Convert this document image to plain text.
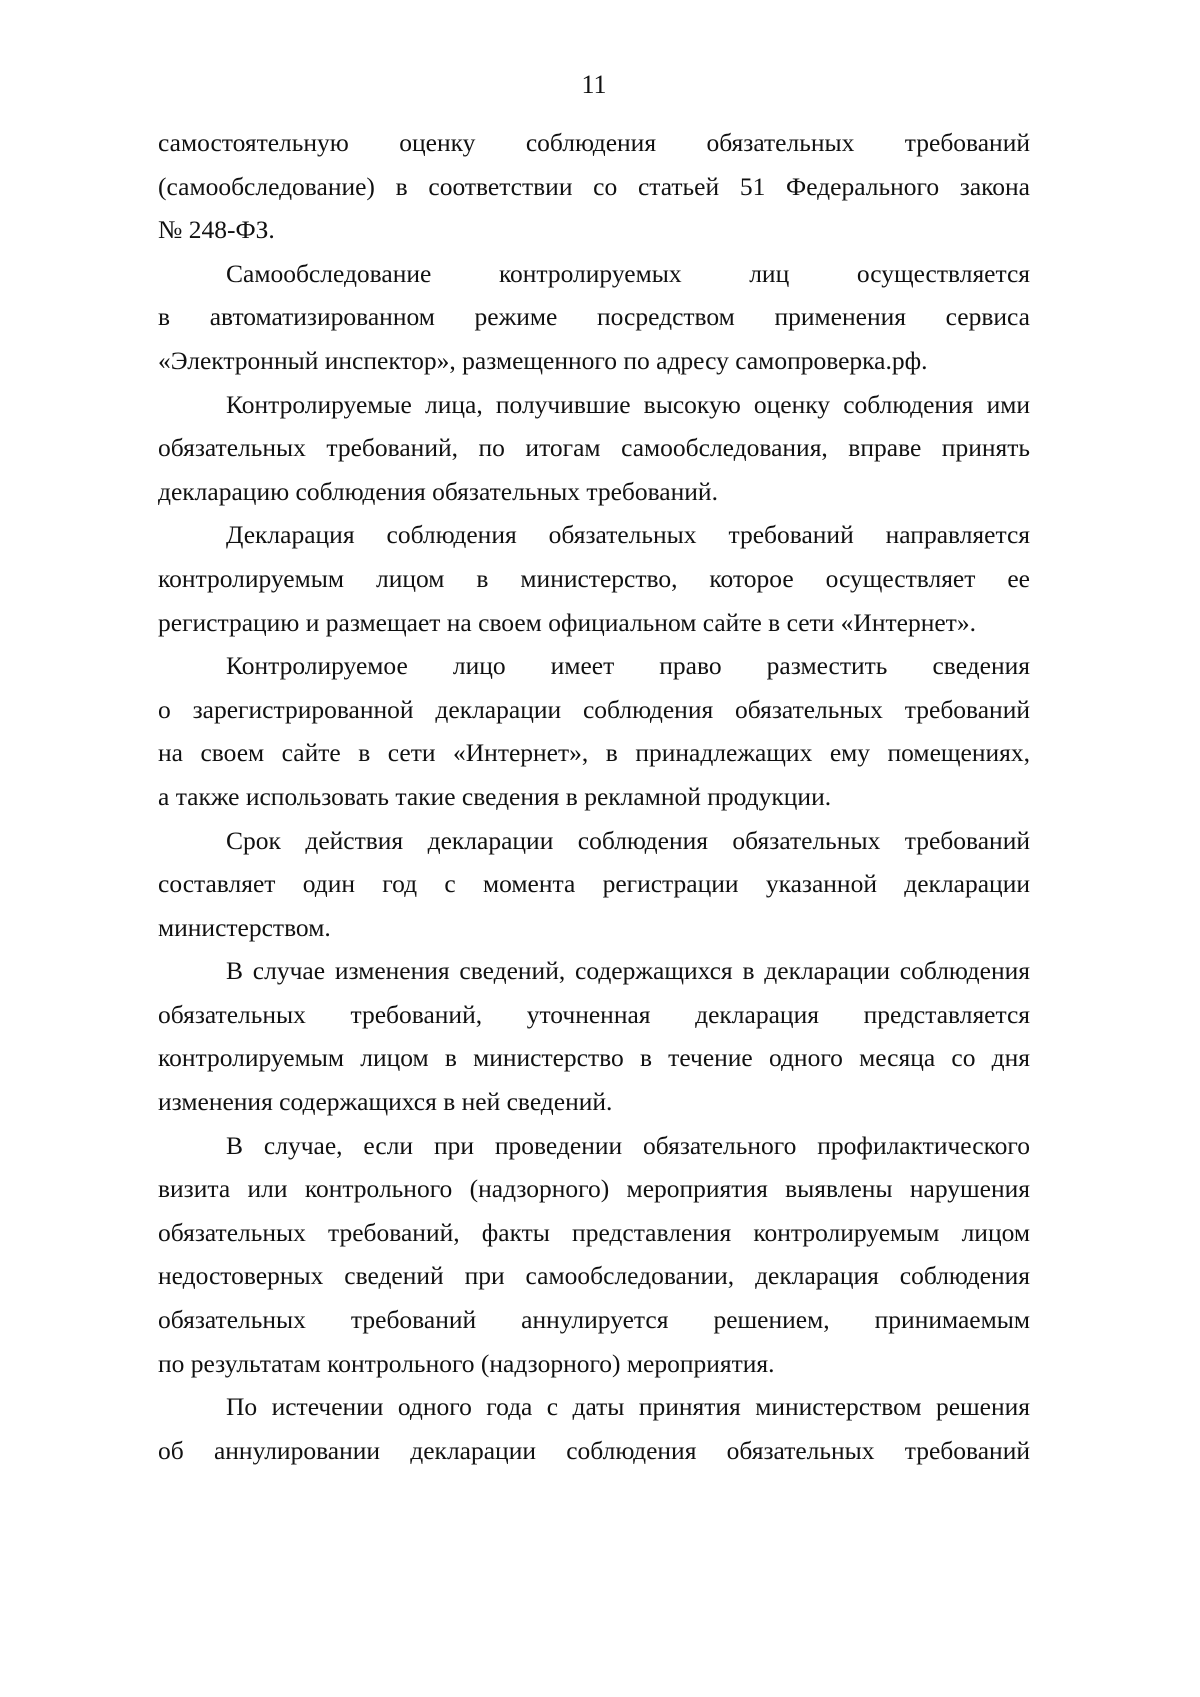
11
самостоятельную оценку соблюдения обязательных требований
(самообследование) в соответствии со статьей 51 Федерального закона
№ 248-ФЗ.
Самообследование контролируемых лиц осуществляется
в автоматизированном режиме посредством применения сервиса
«Электронный инспектор», размещенного по адресу самопроверка.рф.
Контролируемые лица, получившие высокую оценку соблюдения ими
обязательных требований, по итогам самообследования, вправе принять
декларацию соблюдения обязательных требований.
Декларация соблюдения обязательных требований направляется
контролируемым лицом в министерство, которое осуществляет ее
регистрацию и размещает на своем официальном сайте в сети «Интернет».
Контролируемое лицо имеет право разместить сведения
о зарегистрированной декларации соблюдения обязательных требований
на своем сайте в сети «Интернет», в принадлежащих ему помещениях,
а также использовать такие сведения в рекламной продукции.
Срок действия декларации соблюдения обязательных требований
составляет один год с момента регистрации указанной декларации
министерством.
В случае изменения сведений, содержащихся в декларации соблюдения
обязательных требований, уточненная декларация представляется
контролируемым лицом в министерство в течение одного месяца со дня
изменения содержащихся в ней сведений.
В случае, если при проведении обязательного профилактического
визита или контрольного (надзорного) мероприятия выявлены нарушения
обязательных требований, факты представления контролируемым лицом
недостоверных сведений при самообследовании, декларация соблюдения
обязательных требований аннулируется решением, принимаемым
по результатам контрольного (надзорного) мероприятия.
По истечении одного года с даты принятия министерством решения
об аннулировании декларации соблюдения обязательных требований
